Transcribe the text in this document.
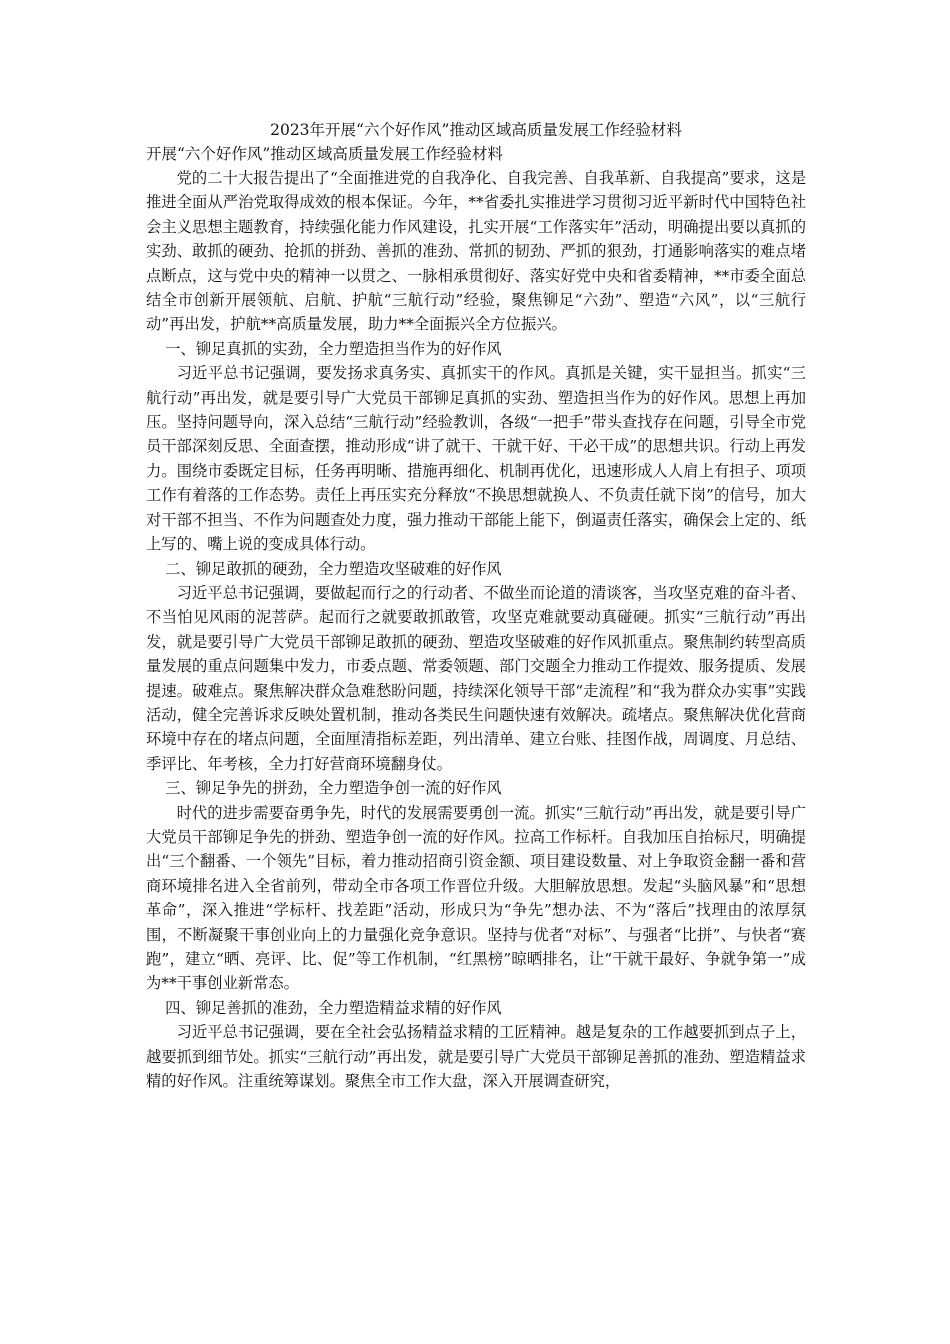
2023年开展“六个好作风”推动区域高质量发展工作经验材料
开展“六个好作风”推动区域高质量发展工作经验材料

党的二十大报告提出了“全面推进党的自我净化、自我完善、自我革新、自我提高”要求，这是推进全面从严治党取得成效的根本保证。今年，**省委扎实推进学习贯彻习近平新时代中国特色社会主义思想主题教育，持续强化能力作风建设，扎实开展“工作落实年”活动，明确提出要以真抓的实劲、敢抓的硬劲、抢抓的拼劲、善抓的准劲、常抓的韧劲、严抓的狠劲，打通影响落实的难点堵点断点，这与党中央的精神一以贯之、一脉相承贯彻好、落实好党中央和省委精神，**市委全面总结全市创新开展领航、启航、护航“三航行动”经验，聚焦铆足“六劲”、塑造“六风”，以“三航行动”再出发，护航**高质量发展，助力**全面振兴全方位振兴。

一、铆足真抓的实劲，全力塑造担当作为的好作风

习近平总书记强调，要发扬求真务实、真抓实干的作风。真抓是关键，实干显担当。抓实“三航行动”再出发，就是要引导广大党员干部铆足真抓的实劲、塑造担当作为的好作风。思想上再加压。坚持问题导向，深入总结“三航行动”经验教训，各级“一把手”带头查找存在问题，引导全市党员干部深刻反思、全面查摆，推动形成“讲了就干、干就干好、干必干成”的思想共识。行动上再发力。围绕市委既定目标，任务再明晰、措施再细化、机制再优化，迅速形成人人肩上有担子、项项工作有着落的工作态势。责任上再压实充分释放“不换思想就换人、不负责任就下岗”的信号，加大对干部不担当、不作为问题查处力度，强力推动干部能上能下，倒逼责任落实，确保会上定的、纸上写的、嘴上说的变成具体行动。

二、铆足敢抓的硬劲，全力塑造攻坚破难的好作风

习近平总书记强调，要做起而行之的行动者、不做坐而论道的清谈客，当攻坚克难的奋斗者、不当怕见风雨的泥菩萨。起而行之就要敢抓敢管，攻坚克难就要动真碰硬。抓实“三航行动”再出发，就是要引导广大党员干部铆足敢抓的硬劲、塑造攻坚破难的好作风抓重点。聚焦制约转型高质量发展的重点问题集中发力，市委点题、常委领题、部门交题全力推动工作提效、服务提质、发展提速。破难点。聚焦解决群众急难愁盼问题，持续深化领导干部“走流程”和“我为群众办实事”实践活动，健全完善诉求反映处置机制，推动各类民生问题快速有效解决。疏堵点。聚焦解决优化营商环境中存在的堵点问题，全面厘清指标差距，列出清单、建立台账、挂图作战，周调度、月总结、季评比、年考核，全力打好营商环境翻身仗。

三、铆足争先的拼劲，全力塑造争创一流的好作风

时代的进步需要奋勇争先，时代的发展需要勇创一流。抓实“三航行动”再出发，就是要引导广大党员干部铆足争先的拼劲、塑造争创一流的好作风。拉高工作标杆。自我加压自抬标尺，明确提出“三个翻番、一个领先”目标，着力推动招商引资金额、项目建设数量、对上争取资金翻一番和营商环境排名进入全省前列，带动全市各项工作晋位升级。大胆解放思想。发起“头脑风暴”和“思想革命”，深入推进“学标杆、找差距”活动，形成只为“争先”想办法、不为“落后”找理由的浓厚氛围，不断凝聚干事创业向上的力量强化竞争意识。坚持与优者“对标”、与强者“比拼”、与快者“赛跑”，建立“晒、亮评、比、促”等工作机制，“红黑榜”晾晒排名，让“干就干最好、争就争第一”成为**干事创业新常态。

四、铆足善抓的准劲，全力塑造精益求精的好作风

习近平总书记强调，要在全社会弘扬精益求精的工匠精神。越是复杂的工作越要抓到点子上，越要抓到细节处。抓实“三航行动”再出发，就是要引导广大党员干部铆足善抓的准劲、塑造精益求精的好作风。注重统筹谋划。聚焦全市工作大盘，深入开展调查研究，
